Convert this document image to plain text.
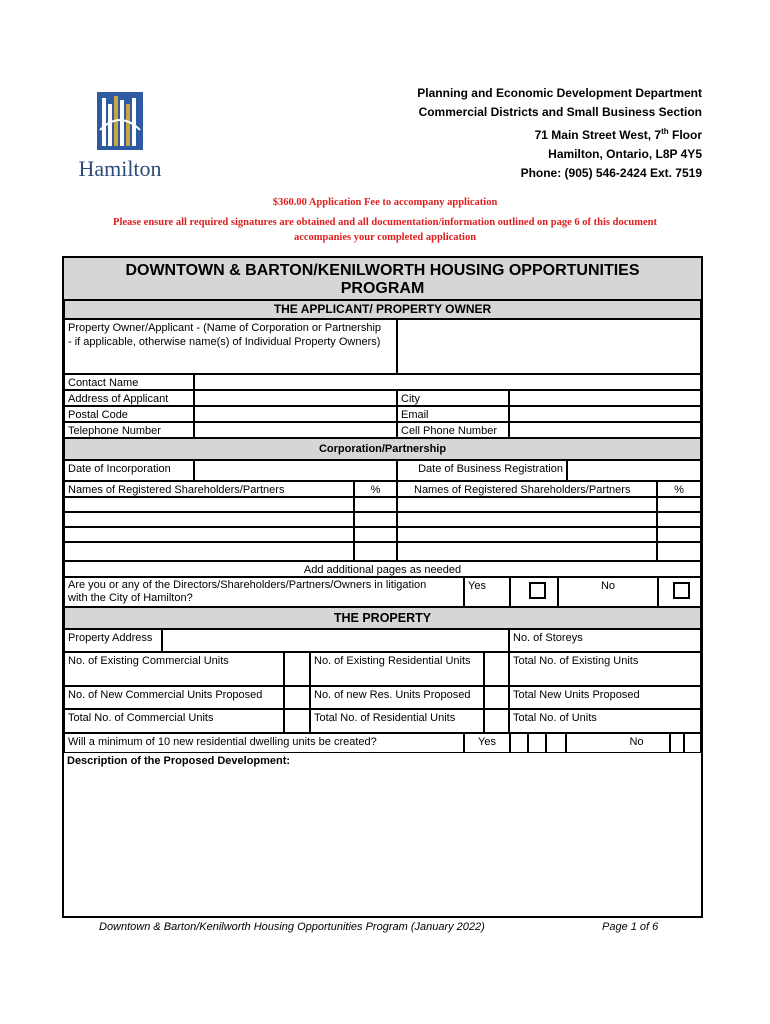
Hamilton
Planning and Economic Development Department
Commercial Districts and Small Business Section
71 Main Street West, 7th Floor
Hamilton, Ontario, L8P 4Y5
Phone: (905) 546-2424 Ext. 7519
$360.00 Application Fee to accompany application
Please ensure all required signatures are obtained and all documentation/information outlined on page 6 of this document
accompanies your completed application
DOWNTOWN & BARTON/KENILWORTH HOUSING OPPORTUNITIES
PROGRAM
THE APPLICANT/ PROPERTY OWNER
Property Owner/Applicant - (Name of Corporation or Partnership
- if applicable, otherwise name(s) of Individual Property Owners)
Contact Name
Address of Applicant	City
Postal Code	Email
Telephone Number	Cell Phone Number
Corporation/Partnership
Date of Incorporation	Date of Business Registration
Names of Registered Shareholders/Partners	%	Names of Registered Shareholders/Partners	%
Add additional pages as needed
Are you or any of the Directors/Shareholders/Partners/Owners in litigation
with the City of Hamilton?
Yes	No
THE PROPERTY
Property Address	No. of Storeys
No. of Existing Commercial Units	No. of Existing Residential Units	Total No. of Existing Units
No. of New Commercial Units Proposed	No. of new Res. Units Proposed	Total New Units Proposed
Total No. of Commercial Units	Total No. of Residential Units	Total No. of Units
Will a minimum of 10 new residential dwelling units be created?	Yes	No
Description of the Proposed Development:
Downtown & Barton/Kenilworth Housing Opportunities Program (January 2022)	Page 1 of 6
